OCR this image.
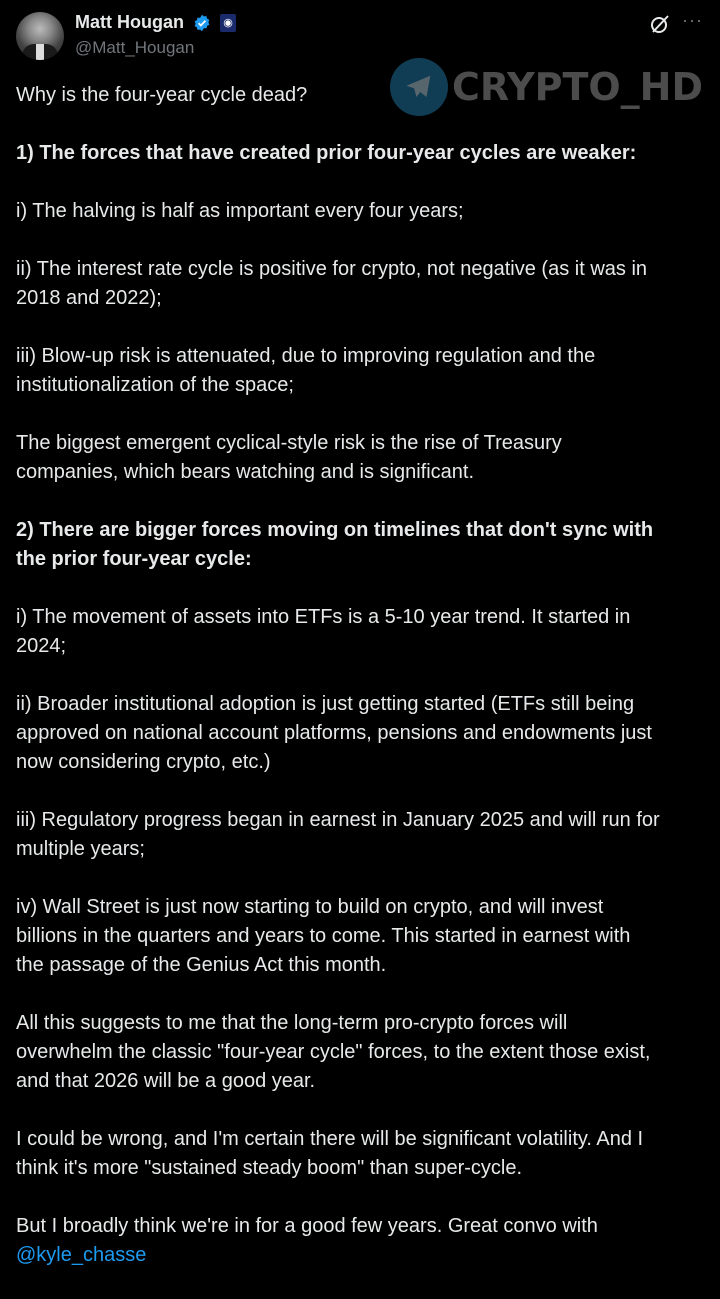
Matt Hougan	◉
@Matt_Hougan
···
CRYPTO_HD
Why is the four-year cycle dead?
1) The forces that have created prior four-year cycles are weaker:
i) The halving is half as important every four years;
ii) The interest rate cycle is positive for crypto, not negative (as it was in
2018 and 2022);
iii) Blow-up risk is attenuated, due to improving regulation and the
institutionalization of the space;
The biggest emergent cyclical-style risk is the rise of Treasury
companies, which bears watching and is significant.
2) There are bigger forces moving on timelines that don't sync with
the prior four-year cycle:
i) The movement of assets into ETFs is a 5-10 year trend. It started in
2024;
ii) Broader institutional adoption is just getting started (ETFs still being
approved on national account platforms, pensions and endowments just
now considering crypto, etc.)
iii) Regulatory progress began in earnest in January 2025 and will run for
multiple years;
iv) Wall Street is just now starting to build on crypto, and will invest
billions in the quarters and years to come. This started in earnest with
the passage of the Genius Act this month.
All this suggests to me that the long-term pro-crypto forces will
overwhelm the classic "four-year cycle" forces, to the extent those exist,
and that 2026 will be a good year.
I could be wrong, and I'm certain there will be significant volatility. And I
think it's more "sustained steady boom" than super-cycle.
But I broadly think we're in for a good few years. Great convo with
@kyle_chasse
